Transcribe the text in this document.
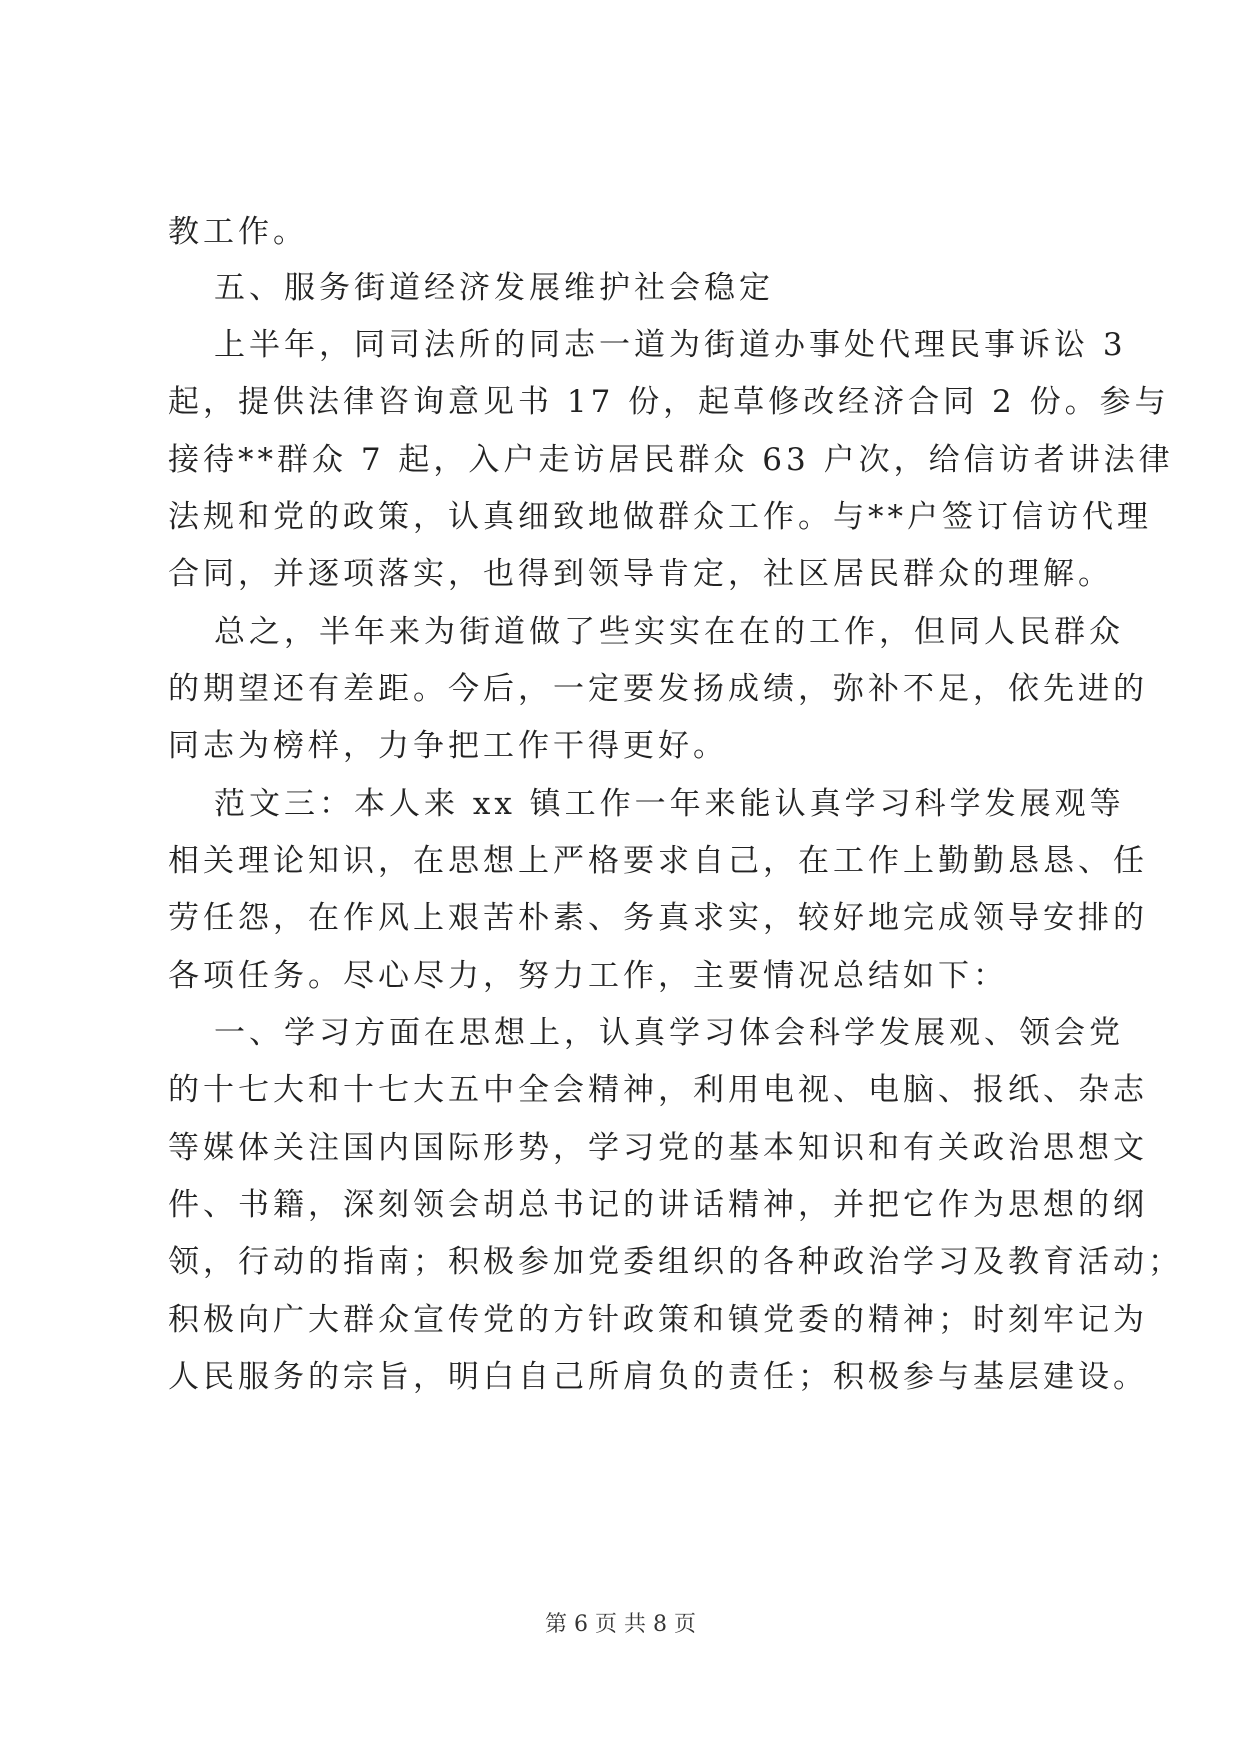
教工作。
五、服务街道经济发展维护社会稳定
上半年，同司法所的同志一道为街道办事处代理民事诉讼 3
起，提供法律咨询意见书 17 份，起草修改经济合同 2 份。参与
接待**群众 7 起，入户走访居民群众 63 户次，给信访者讲法律
法规和党的政策，认真细致地做群众工作。与**户签订信访代理
合同，并逐项落实，也得到领导肯定，社区居民群众的理解。
总之，半年来为街道做了些实实在在的工作，但同人民群众
的期望还有差距。今后，一定要发扬成绩，弥补不足，依先进的
同志为榜样，力争把工作干得更好。
范文三：本人来 xx 镇工作一年来能认真学习科学发展观等
相关理论知识，在思想上严格要求自己，在工作上勤勤恳恳、任
劳任怨，在作风上艰苦朴素、务真求实，较好地完成领导安排的
各项任务。尽心尽力，努力工作，主要情况总结如下：
一、学习方面在思想上，认真学习体会科学发展观、领会党
的十七大和十七大五中全会精神，利用电视、电脑、报纸、杂志
等媒体关注国内国际形势，学习党的基本知识和有关政治思想文
件、书籍，深刻领会胡总书记的讲话精神，并把它作为思想的纲
领，行动的指南；积极参加党委组织的各种政治学习及教育活动；
积极向广大群众宣传党的方针政策和镇党委的精神；时刻牢记为
人民服务的宗旨，明白自己所肩负的责任；积极参与基层建设。
第 6 页 共 8 页
